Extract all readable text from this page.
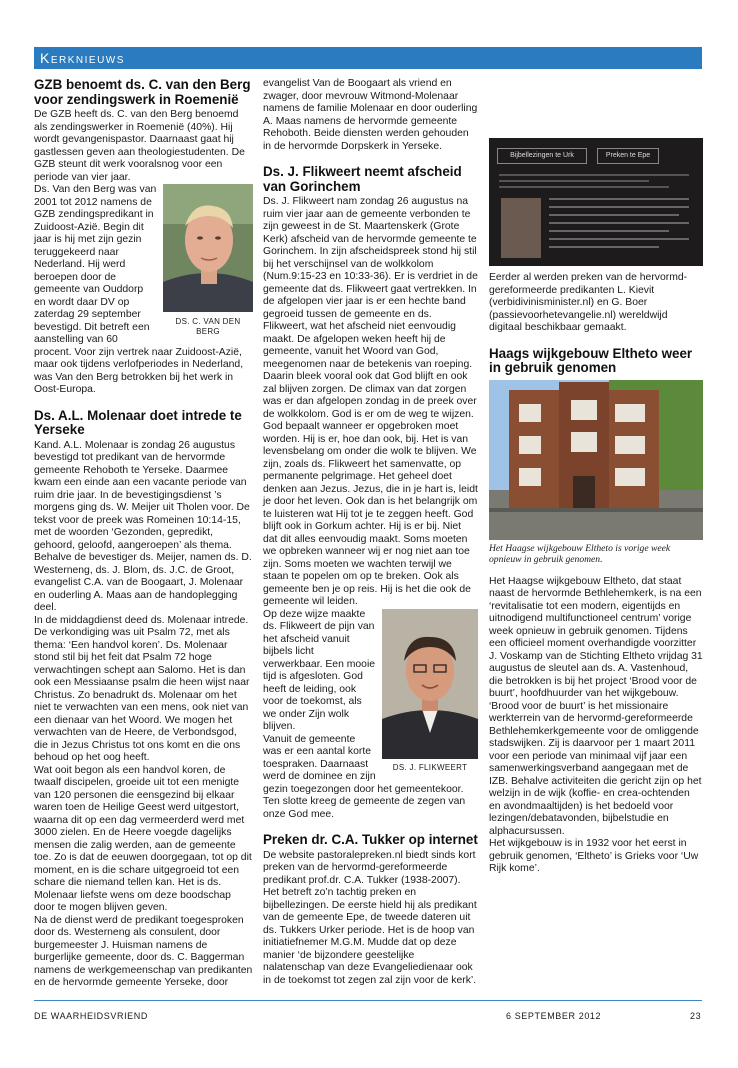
Kerknieuws
GZB benoemt ds. C. van den Berg voor zendingswerk in Roemenië

De GZB heeft ds. C. van den Berg benoemd als zendingswerker in Roemenië (40%). Hij wordt gevangenispastor. Daarnaast gaat hij gastlessen geven aan theologiestudenten. De GZB steunt dit werk vooralsnog voor een periode van vier jaar.

DS. C. VAN DEN BERG

Ds. Van den Berg was van 2001 tot 2012 namens de GZB zendingspredikant in Zuidoost-Azië. Begin dit jaar is hij met zijn gezin teruggekeerd naar Nederland. Hij werd beroepen door de gemeente van Ouddorp en wordt daar DV op zaterdag 29 september bevestigd. Dit betreft een aanstelling van 60 procent. Voor zijn vertrek naar Zuidoost-Azië, maar ook tijdens verlofperiodes in Nederland, was Van den Berg betrokken bij het werk in Oost-Europa.

Ds. A.L. Molenaar doet intrede te Yerseke

Kand. A.L. Molenaar is zondag 26 augustus bevestigd tot predikant van de hervormde gemeente Rehoboth te Yerseke. Daarmee kwam een einde aan een vacante periode van ruim drie jaar. In de bevestigingsdienst ’s morgens ging ds. W. Meijer uit Tholen voor. De tekst voor de preek was Romeinen 10:14-15, met de woorden ‘Gezonden, gepredikt, gehoord, geloofd, aangeroepen’ als thema. Behalve de bevestiger ds. Meijer, namen ds. D. Westerneng, ds. J. Blom, ds. J.C. de Groot, evangelist C.A. van de Boogaart, J. Molenaar en ouderling A. Maas aan de handoplegging deel.

In de middagdienst deed ds. Molenaar intrede. De verkondiging was uit Psalm 72, met als thema: ‘Een handvol koren’. Ds. Molenaar stond stil bij het feit dat Psalm 72 hoge verwachtingen schept aan Salomo. Het is dan ook een Messiaanse psalm die heen wijst naar Christus. Zo benadrukt ds. Molenaar om het niet te verwachten van een mens, ook niet van een dienaar van het Woord. We mogen het verwachten van de Heere, de Verbondsgod, die in Jezus Christus tot ons komt en die ons behoud op het oog heeft.

Wat ooit begon als een handvol koren, de twaalf discipelen, groeide uit tot een menigte van 120 personen die eensgezind bij elkaar waren toen de Heilige Geest werd uitgestort, waarna dit op een dag vermeerderd werd met 3000 zielen. En de Heere voegde dagelijks mensen die zalig werden, aan de gemeente toe. Zo is dat de eeuwen doorgegaan, tot op dit moment, en is die schare uitgegroeid tot een schare die niemand tellen kan. Het is ds. Molenaar liefste wens om deze boodschap door te mogen blijven geven.

Na de dienst werd de predikant toegesproken door ds. Westerneng als consulent, door burgemeester J. Huisman namens de burgerlijke gemeente, door ds. C. Baggerman namens de werkgemeenschap van predikanten en de hervormde gemeente Yerseke, door

evangelist Van de Boogaart als vriend en zwager, door mevrouw Witmond-Molenaar namens de familie Molenaar en door ouderling A. Maas namens de hervormde gemeente Rehoboth. Beide diensten werden gehouden in de hervormde Dorpskerk in Yerseke.
Ds. J. Flikweert neemt afscheid van Gorinchem

Ds. J. Flikweert nam zondag 26 augustus na ruim vier jaar aan de gemeente verbonden te zijn geweest in de St. Maartenskerk (Grote Kerk) afscheid van de hervormde gemeente te Gorinchem. In zijn afscheidspreek stond hij stil bij het verschijnsel van de wolkkolom (Num.9:15-23 en 10:33-36). Er is verdriet in de gemeente dat ds. Flikweert gaat vertrekken. In de afgelopen vier jaar is er een hechte band gegroeid tussen de gemeente en ds. Flikweert, wat het afscheid niet eenvoudig maakt. De afgelopen weken heeft hij de gemeente, vanuit het Woord van God, meegenomen naar de betekenis van roeping. Daarin bleek vooral ook dat God blijft en ook zal blijven zorgen. De climax van dat zorgen was er dan afgelopen zondag in de preek over de wolkkolom. God is er om de weg te wijzen. God bepaalt wanneer er opgebroken moet worden. Hij is er, hoe dan ook, bij. Het is van levensbelang om onder die wolk te blijven. We zijn, zoals ds. Flikweert het samenvatte, op permanente pelgrimage. Het geheel doet denken aan Jezus. Jezus, die in je hart is, leidt je door het leven. Ook dan is het belangrijk om te luisteren wat Hij tot je te zeggen heeft. God blijft ook in Gorkum achter. Hij is er bij. Niet dat dit alles eenvoudig maakt. Soms moeten we opbreken wanneer wij er nog niet aan toe zijn. Soms moeten we wachten terwijl we staan te popelen om op te breken. Ook als gemeente ben je op reis. Hij is het die ook de gemeente wil leiden.

DS. J. FLIKWEERT

Op deze wijze maakte ds. Flikweert de pijn van het afscheid vanuit bijbels licht verwerkbaar. Een mooie tijd is afgesloten. God heeft de leiding, ook voor de toekomst, als we onder Zijn wolk blijven.

Vanuit de gemeente was er een aantal korte toespraken. Daarnaast werd de dominee en zijn gezin toegezongen door het gemeentekoor. Ten slotte kreeg de gemeente de zegen van onze God mee.

Preken dr. C.A. Tukker op internet

De website pastoralepreken.nl biedt sinds kort preken van de hervormd-gereformeerde predikant prof.dr. C.A. Tukker (1938-2007). Het betreft zo’n tachtig preken en bijbellezingen. De eerste hield hij als predikant van de gemeente Epe, de tweede dateren uit ds. Tukkers Urker periode. Het is de hoop van initiatiefnemer M.G.M. Mudde dat op deze manier ‘de bijzondere geestelijke nalatenschap van deze Evangeliedienaar ook in de toekomst tot zegen zal zijn voor de kerk’.

Bijbellezingen te Urk	Preken te Epe

Eerder al werden preken van de hervormd-gereformeerde predikanten L. Kievit (verbidivinisminister.nl) en G. Boer (passievoorhetevangelie.nl) wereldwijd digitaal beschikbaar gemaakt.

Haags wijkgebouw Eltheto weer in gebruik genomen
Het Haagse wijkgebouw Eltheto is vorige week opnieuw in gebruik genomen.

Het Haagse wijkgebouw Eltheto, dat staat naast de hervormde Bethlehemkerk, is na een ‘revitalisatie tot een modern, eigentijds en uitnodigend multifunctioneel centrum’ vorige week opnieuw in gebruik genomen. Tijdens een officieel moment overhandigde voorzitter J. Voskamp van de Stichting Eltheto vrijdag 31 augustus de sleutel aan ds. A. Vastenhoud, die betrokken is bij het project ‘Brood voor de buurt’, hoofdhuurder van het wijkgebouw. ‘Brood voor de buurt’ is het missionaire werkterrein van de hervormd-gereformeerde Bethlehemkerkgemeente voor de omliggende stadswijken. Zij is daarvoor per 1 maart 2011 voor een periode van minimaal vijf jaar een samenwerkingsverband aangegaan met de IZB. Behalve activiteiten die gericht zijn op het welzijn in de wijk (koffie- en crea-ochtenden en avondmaaltijden) is het bedoeld voor lezingen/debatavonden, bijbelstudie en alphacursussen.

Het wijkgebouw is in 1932 voor het eerst in gebruik genomen, ‘Eltheto’ is Grieks voor ‘Uw Rijk kome’.

DE WAARHEIDSVRIEND	6 SEPTEMBER 2012	23
